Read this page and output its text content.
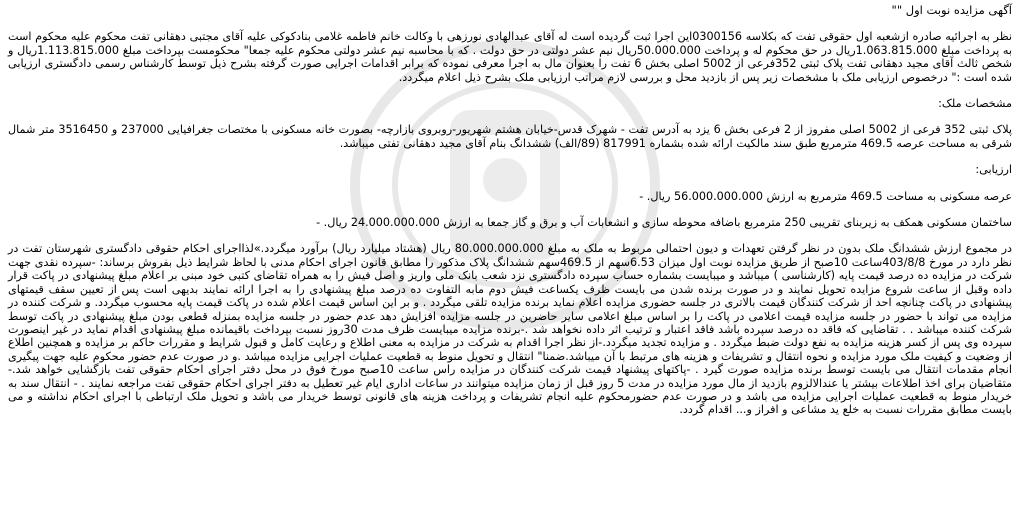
آگهی مزایده نوبت اول ""

نظر به اجرائیه صادره ازشعبه اول حقوقی تفت که بکلاسه 0300156این اجرا ثبت گردیده است له آقای عبدالهادی نورزهی با وکالت خانم فاطمه غلامی بنادکوکی علیه آقای مجتبی دهقانی تفت محکوم علیه محکوم است به پرداخت مبلغ 1.063.815.000ریال در حق محکوم له و پرداخت 50.000.000ریال نیم عشر دولتی در حق دولت . که با محاسبه نیم عشر دولتی محکوم علیه جمعا" محکومست بپرداخت مبلغ 1.113.815.000ریال و شخص ثالث آقای مجید دهقانی تفت پلاک ثبتی 352فرعی از 5002 اصلی بخش 6 تفت را بعنوان مال به اجرا معرفی نموده که برابر اقدامات اجرایی صورت گرفته بشرح ذیل توسط کارشناس رسمی دادگستری ارزیابی شده است :" درخصوص ارزیابی ملک با مشخصات زیر پس از بازدید محل و بررسی لازم مراتب ارزیابی ملک بشرح ذیل اعلام میگردد.

مشخصات ملک:

پلاک ثبتی 352 فرعی از 5002 اصلی مفروز از 2 فرعی بخش 6 یزد به آدرس تفت - شهرک قدس-خیابان هشتم شهریور-روبروی بازارچه- بصورت خانه مسکونی با مختصات جغرافیایی 237000 و 3516450 متر شمال شرقی به مساحت عرصه 469.5 مترمربع طبق سند مالکیت ارائه شده بشماره 817991 (89/الف) ششدانگ بنام آقای مجید دهقانی تفتی میباشد.

ارزیابی:

عرصه مسکونی به مساحت 469.5 مترمربع به ارزش 56.000.000.000 ریال. -

ساختمان مسکونی همکف به زیربنای تقریبی 250 مترمربع باضافه محوطه سازی و انشعابات آب و برق و گاز جمعا به ارزش 24.000.000.000 ریال. -

در مجموع ارزش ششدانگ ملک بدون در نظر گرفتن تعهدات و دیون احتمالی مربوط به ملک به مبلغ 80.000.000.000 ریال (هشتاد میلیارد ریال) برآورد میگردد.»لذااجرای احکام حقوقی دادگستری شهرستان تفت در نظر دارد در مورخ 403/8/8ساعت 10صبح از طریق مزایده نوبت اول میزان 6.53سهم از 469.5سهم ششدانگ پلاک مذکور را مطابق قانون اجرای احکام مدنی با لحاظ شرایط ذیل بفروش برساند: -سپرده نقدی جهت شرکت در مزایده ده درصد قیمت پایه (کارشناسی ) میباشد و میبایست بشماره حساب سپرده دادگستری نزد شعب بانک ملی واریز و اصل فیش را به همراه تقاضای کتبی خود مبنی بر اعلام مبلغ پیشنهادی در پاکت قرار داده وقبل از ساعت شروع مزایده تحویل نمایند و در صورت برنده شدن می بایست ظرف یکساعت فیش دوم مابه التفاوت ده درصد مبلغ پیشنهادی را به اجرا ارائه نمایند بدیهی است پس از تعیین سقف قیمتهای پیشنهادی در پاکت چنانچه احد از شرکت کنندگان قیمت بالاتری در جلسه حضوری مزایده اعلام نماید برنده مزایده تلقی میگردد . و بر این اساس قیمت اعلام شده در پاکت قیمت پایه محسوب میگردد. و شرکت کننده در مزایده می تواند با حضور در جلسه مزایده قیمت اعلامی در پاکت را بر اساس مبلغ اعلامی سایر حاضرین در جلسه مزایده افزایش دهد عدم حضور در جلسه مزایده بمنزله قطعی بودن مبلغ پیشنهادی در پاکت توسط شرکت کننده میباشد . . تقاضایی که فاقد ده درصد سپرده باشد فاقد اعتبار و ترتیب اثر داده نخواهد شد .-برنده مزایده میبایست ظرف مدت 30روز نسبت بپرداخت باقیمانده مبلغ پیشنهادی اقدام نماید در غیر اینصورت سپرده وی پس از کسر هزینه مزایده به نفع دولت ضبط میگردد . و مزایده تجدید میگردد.-از نظر اجرا اقدام به شرکت در مزایده به معنی اطلاع و رعایت کامل و قبول شرایط و مقررات حاکم بر مزایده و همچنین اطلاع از وضعیت و کیفیت ملک مورد مزایده و نحوه انتقال و تشریفات و هزینه های مرتبط با آن میباشد.ضمنا" انتقال و تحویل منوط به قطعیت عملیات اجرایی مزایده میباشد .و در صورت عدم حضور محکوم علیه جهت پیگیری انجام مقدمات انتقال می بایست توسط برنده مزایده صورت گیرد . -پاکتهای پیشنهاد قیمت شرکت کنندگان در مزایده راس ساعت 10صبح مورخ فوق در محل دفتر اجرای احکام حقوقی تفت بازگشایی خواهد شد.-متقاضیان برای اخذ اطلاعات بیشتر یا عندالالزوم بازدید از مال مورد مزایده در مدت 5 روز قبل از زمان مزایده میتوانند در ساعات اداری ایام غیر تعطیل به دفتر اجرای احکام حقوقی تفت مراجعه نمایند . - انتقال سند به خریدار منوط به قطعیت عملیات اجرایی مزایده می باشد و در صورت عدم حضورمحکوم علیه انجام تشریفات و پرداخت هزینه های قانونی توسط خریدار می باشد و تحویل ملک ارتباطی با اجرای احکام نداشته و می بایست مطابق مقررات نسبت به خلع ید مشاعی و افراز و... اقدام گردد.
